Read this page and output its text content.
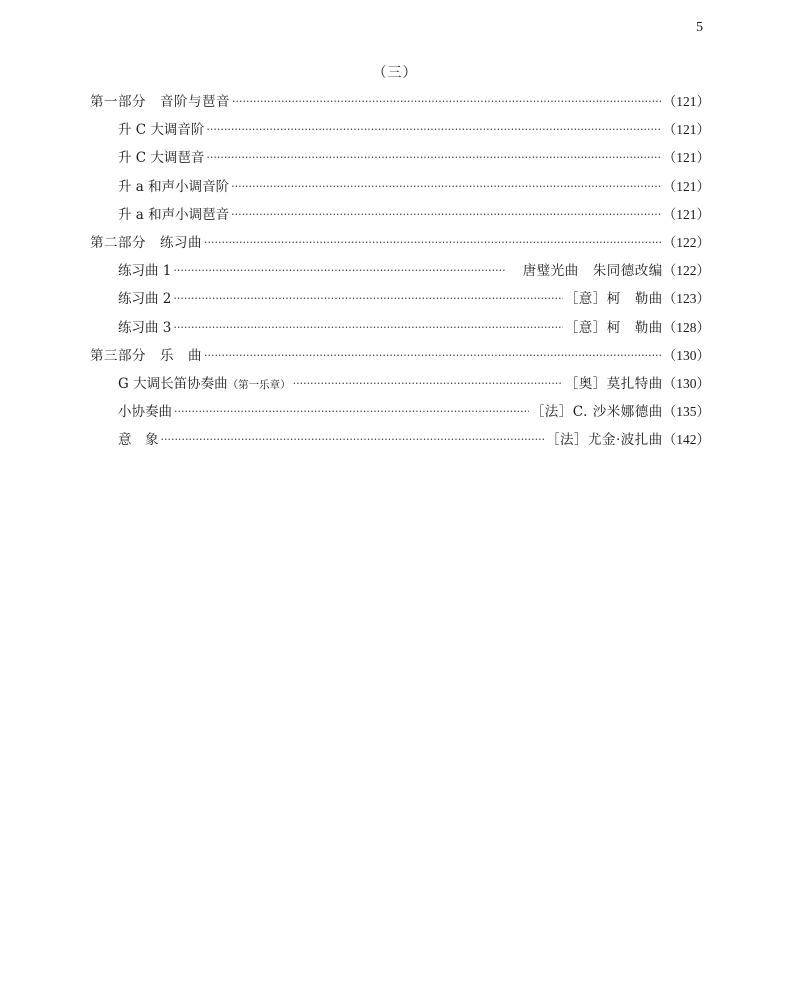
5
（三）
第一部分　音阶与琶音 ·····	（121）
升 C 大调音阶 ·····	（121）
升 C 大调琶音 ·····	（121）
升 a 和声小调音阶 ·····	（121）
升 a 和声小调琶音 ·····	（121）
第二部分　练习曲 ·····	（122）
练习曲 1 ·····	唐璧光曲　朱同德改编 （122）
练习曲 2 ·····	［意］柯　勒曲 （123）
练习曲 3 ·····	［意］柯　勒曲 （128）
第三部分　乐　曲 ·····	（130）
G 大调长笛协奏曲（第一乐章） ·····	［奥］莫扎特曲 （130）
小协奏曲 ·····	［法］C. 沙米娜德曲 （135）
意　象 ·····	［法］尤金·波扎曲 （142）
